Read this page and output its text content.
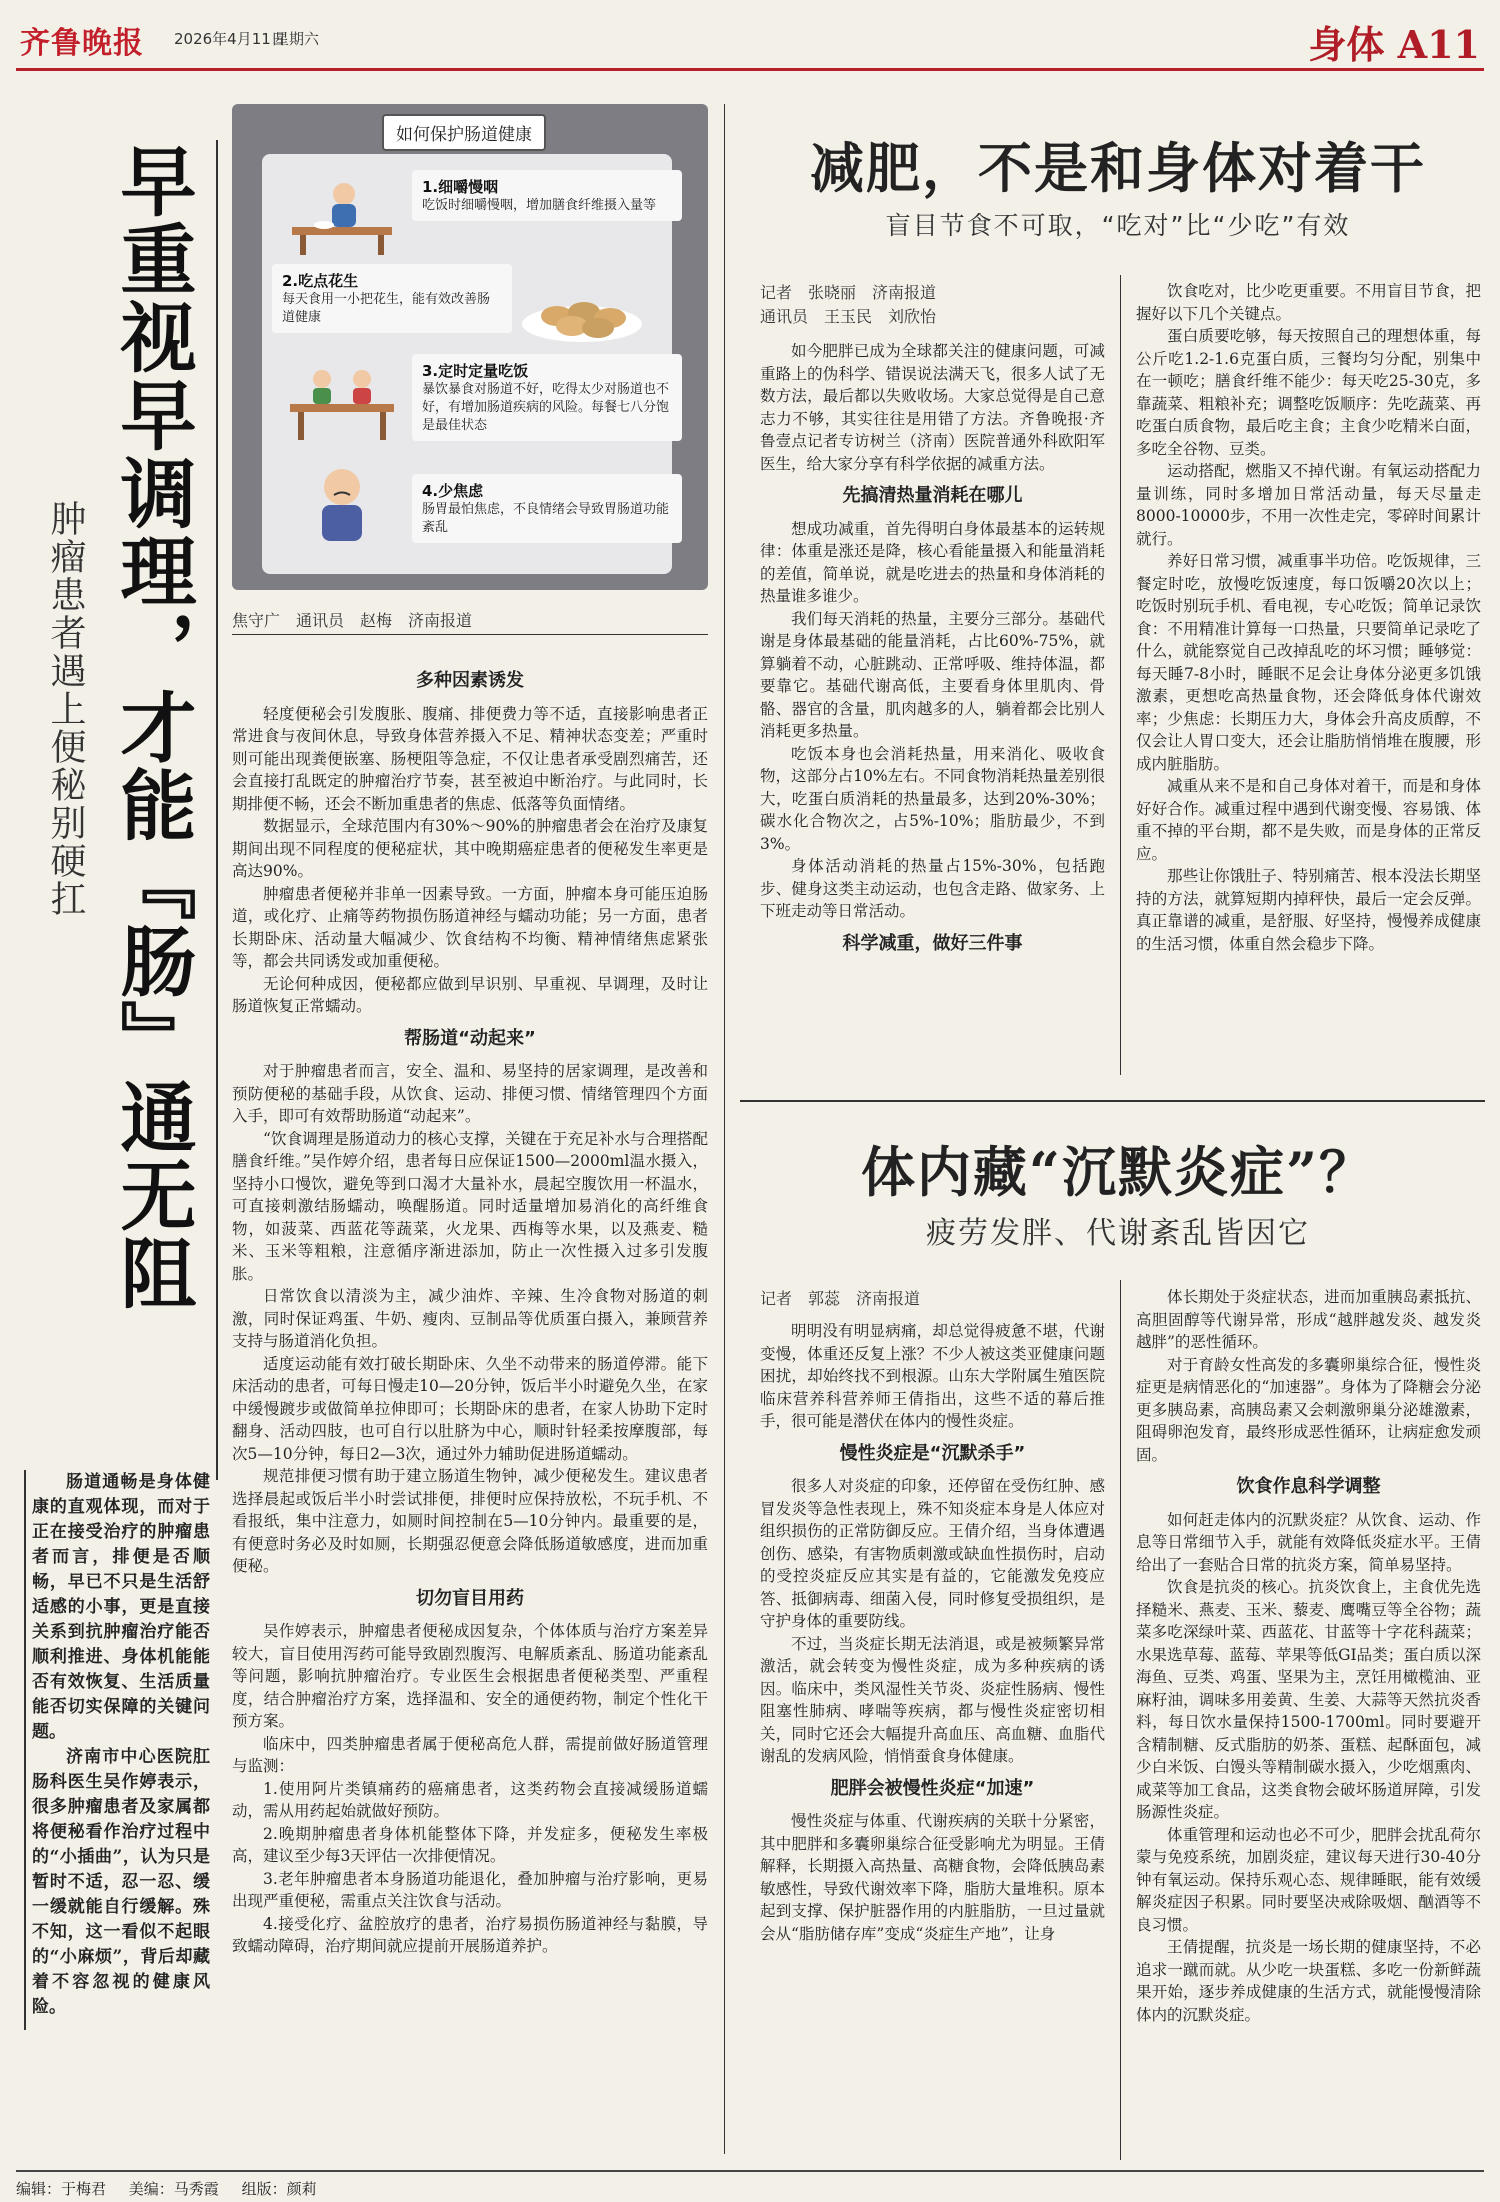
齐鲁晚报 2026年4月11日
星期六	身体 A11
早重视早调理，才能『肠』通无阻
肿瘤患者遇上便秘别硬扛

肠道通畅是身体健康的直观体现，而对于正在接受治疗的肿瘤患者而言，排便是否顺畅，早已不只是生活舒适感的小事，更是直接关系到抗肿瘤治疗能否顺利推进、身体机能能否有效恢复、生活质量能否切实保障的关键问题。

济南市中心医院肛肠科医生吴作婷表示，很多肿瘤患者及家属都将便秘看作治疗过程中的“小插曲”，认为只是暂时不适，忍一忍、缓一缓就能自行缓解。殊不知，这一看似不起眼的“小麻烦”，背后却藏着不容忽视的健康风险。

如何保护肠道健康
1.细嚼慢咽
吃饭时细嚼慢咽，增加膳食纤维摄入量等
2.吃点花生
每天食用一小把花生，能有效改善肠道健康
3.定时定量吃饭
暴饮暴食对肠道不好，吃得太少对肠道也不好，有增加肠道疾病的风险。每餐七八分饱是最佳状态
4.少焦虑
肠胃最怕焦虑，不良情绪会导致胃肠道功能紊乱
焦守广　通讯员　赵梅　济南报道
多种因素诱发

轻度便秘会引发腹胀、腹痛、排便费力等不适，直接影响患者正常进食与夜间休息，导致身体营养摄入不足、精神状态变差；严重时则可能出现粪便嵌塞、肠梗阻等急症，不仅让患者承受剧烈痛苦，还会直接打乱既定的肿瘤治疗节奏，甚至被迫中断治疗。与此同时，长期排便不畅，还会不断加重患者的焦虑、低落等负面情绪。

数据显示，全球范围内有30%～90%的肿瘤患者会在治疗及康复期间出现不同程度的便秘症状，其中晚期癌症患者的便秘发生率更是高达90%。

肿瘤患者便秘并非单一因素导致。一方面，肿瘤本身可能压迫肠道，或化疗、止痛等药物损伤肠道神经与蠕动功能；另一方面，患者长期卧床、活动量大幅减少、饮食结构不均衡、精神情绪焦虑紧张等，都会共同诱发或加重便秘。

无论何种成因，便秘都应做到早识别、早重视、早调理，及时让肠道恢复正常蠕动。

帮肠道“动起来”

对于肿瘤患者而言，安全、温和、易坚持的居家调理，是改善和预防便秘的基础手段，从饮食、运动、排便习惯、情绪管理四个方面入手，即可有效帮助肠道“动起来”。

“饮食调理是肠道动力的核心支撑，关键在于充足补水与合理搭配膳食纤维。”吴作婷介绍，患者每日应保证1500—2000ml温水摄入，坚持小口慢饮，避免等到口渴才大量补水，晨起空腹饮用一杯温水，可直接刺激结肠蠕动，唤醒肠道。同时适量增加易消化的高纤维食物，如菠菜、西蓝花等蔬菜，火龙果、西梅等水果，以及燕麦、糙米、玉米等粗粮，注意循序渐进添加，防止一次性摄入过多引发腹胀。

日常饮食以清淡为主，减少油炸、辛辣、生冷食物对肠道的刺激，同时保证鸡蛋、牛奶、瘦肉、豆制品等优质蛋白摄入，兼顾营养支持与肠道消化负担。

适度运动能有效打破长期卧床、久坐不动带来的肠道停滞。能下床活动的患者，可每日慢走10—20分钟，饭后半小时避免久坐，在家中缓慢踱步或做简单拉伸即可；长期卧床的患者，在家人协助下定时翻身、活动四肢，也可自行以肚脐为中心，顺时针轻柔按摩腹部，每次5—10分钟，每日2—3次，通过外力辅助促进肠道蠕动。

规范排便习惯有助于建立肠道生物钟，减少便秘发生。建议患者选择晨起或饭后半小时尝试排便，排便时应保持放松，不玩手机、不看报纸，集中注意力，如厕时间控制在5—10分钟内。最重要的是，有便意时务必及时如厕，长期强忍便意会降低肠道敏感度，进而加重便秘。

切勿盲目用药

吴作婷表示，肿瘤患者便秘成因复杂，个体体质与治疗方案差异较大，盲目使用泻药可能导致剧烈腹泻、电解质紊乱、肠道功能紊乱等问题，影响抗肿瘤治疗。专业医生会根据患者便秘类型、严重程度，结合肿瘤治疗方案，选择温和、安全的通便药物，制定个性化干预方案。

临床中，四类肿瘤患者属于便秘高危人群，需提前做好肠道管理与监测：

1.使用阿片类镇痛药的癌痛患者，这类药物会直接减缓肠道蠕动，需从用药起始就做好预防。

2.晚期肿瘤患者身体机能整体下降，并发症多，便秘发生率极高，建议至少每3天评估一次排便情况。

3.老年肿瘤患者本身肠道功能退化，叠加肿瘤与治疗影响，更易出现严重便秘，需重点关注饮食与活动。

4.接受化疗、盆腔放疗的患者，治疗易损伤肠道神经与黏膜，导致蠕动障碍，治疗期间就应提前开展肠道养护。

减肥，不是和身体对着干
盲目节食不可取，“吃对”比“少吃”有效
记者　张晓丽　济南报道
通讯员　王玉民　刘欣怡

如今肥胖已成为全球都关注的健康问题，可减重路上的伪科学、错误说法满天飞，很多人试了无数方法，最后都以失败收场。大家总觉得是自己意志力不够，其实往往是用错了方法。齐鲁晚报·齐鲁壹点记者专访树兰（济南）医院普通外科欧阳军医生，给大家分享有科学依据的减重方法。

先搞清热量消耗在哪儿

想成功减重，首先得明白身体最基本的运转规律：体重是涨还是降，核心看能量摄入和能量消耗的差值，简单说，就是吃进去的热量和身体消耗的热量谁多谁少。

我们每天消耗的热量，主要分三部分。基础代谢是身体最基础的能量消耗，占比60%-75%，就算躺着不动，心脏跳动、正常呼吸、维持体温，都要靠它。基础代谢高低，主要看身体里肌肉、骨骼、器官的含量，肌肉越多的人，躺着都会比别人消耗更多热量。

吃饭本身也会消耗热量，用来消化、吸收食物，这部分占10%左右。不同食物消耗热量差别很大，吃蛋白质消耗的热量最多，达到20%-30%；碳水化合物次之，占5%-10%；脂肪最少，不到3%。

身体活动消耗的热量占15%-30%，包括跑步、健身这类主动运动，也包含走路、做家务、上下班走动等日常活动。

科学减重，做好三件事

饮食吃对，比少吃更重要。不用盲目节食，把握好以下几个关键点。

蛋白质要吃够，每天按照自己的理想体重，每公斤吃1.2-1.6克蛋白质，三餐均匀分配，别集中在一顿吃；膳食纤维不能少：每天吃25-30克，多靠蔬菜、粗粮补充；调整吃饭顺序：先吃蔬菜、再吃蛋白质食物，最后吃主食；主食少吃精米白面，多吃全谷物、豆类。

运动搭配，燃脂又不掉代谢。有氧运动搭配力量训练，同时多增加日常活动量，每天尽量走8000-10000步，不用一次性走完，零碎时间累计就行。

养好日常习惯，减重事半功倍。吃饭规律，三餐定时吃，放慢吃饭速度，每口饭嚼20次以上；吃饭时别玩手机、看电视，专心吃饭；简单记录饮食：不用精准计算每一口热量，只要简单记录吃了什么，就能察觉自己改掉乱吃的坏习惯；睡够觉：每天睡7-8小时，睡眠不足会让身体分泌更多饥饿激素，更想吃高热量食物，还会降低身体代谢效率；少焦虑：长期压力大，身体会升高皮质醇，不仅会让人胃口变大，还会让脂肪悄悄堆在腹腰，形成内脏脂肪。

减重从来不是和自己身体对着干，而是和身体好好合作。减重过程中遇到代谢变慢、容易饿、体重不掉的平台期，都不是失败，而是身体的正常反应。

那些让你饿肚子、特别痛苦、根本没法长期坚持的方法，就算短期内掉秤快，最后一定会反弹。真正靠谱的减重，是舒服、好坚持，慢慢养成健康的生活习惯，体重自然会稳步下降。

体内藏“沉默炎症”？
疲劳发胖、代谢紊乱皆因它
记者　郭蕊　济南报道

明明没有明显病痛，却总觉得疲惫不堪，代谢变慢，体重还反复上涨？不少人被这类亚健康问题困扰，却始终找不到根源。山东大学附属生殖医院临床营养科营养师王倩指出，这些不适的幕后推手，很可能是潜伏在体内的慢性炎症。

慢性炎症是“沉默杀手”

很多人对炎症的印象，还停留在受伤红肿、感冒发炎等急性表现上，殊不知炎症本身是人体应对组织损伤的正常防御反应。王倩介绍，当身体遭遇创伤、感染，有害物质刺激或缺血性损伤时，启动的受控炎症反应其实是有益的，它能激发免疫应答、抵御病毒、细菌入侵，同时修复受损组织，是守护身体的重要防线。

不过，当炎症长期无法消退，或是被频繁异常激活，就会转变为慢性炎症，成为多种疾病的诱因。临床中，类风湿性关节炎、炎症性肠病、慢性阻塞性肺病、哮喘等疾病，都与慢性炎症密切相关，同时它还会大幅提升高血压、高血糖、血脂代谢乱的发病风险，悄悄蚕食身体健康。

肥胖会被慢性炎症“加速”

慢性炎症与体重、代谢疾病的关联十分紧密，其中肥胖和多囊卵巢综合征受影响尤为明显。王倩解释，长期摄入高热量、高糖食物，会降低胰岛素敏感性，导致代谢效率下降，脂肪大量堆积。原本起到支撑、保护脏器作用的内脏脂肪，一旦过量就会从“脂肪储存库”变成“炎症生产地”，让身

体长期处于炎症状态，进而加重胰岛素抵抗、高胆固醇等代谢异常，形成“越胖越发炎、越发炎越胖”的恶性循环。

对于育龄女性高发的多囊卵巢综合征，慢性炎症更是病情恶化的“加速器”。身体为了降糖会分泌更多胰岛素，高胰岛素又会刺激卵巢分泌雄激素，阻碍卵泡发育，最终形成恶性循环，让病症愈发顽固。

饮食作息科学调整

如何赶走体内的沉默炎症？从饮食、运动、作息等日常细节入手，就能有效降低炎症水平。王倩给出了一套贴合日常的抗炎方案，简单易坚持。

饮食是抗炎的核心。抗炎饮食上，主食优先选择糙米、燕麦、玉米、藜麦、鹰嘴豆等全谷物；蔬菜多吃深绿叶菜、西蓝花、甘蓝等十字花科蔬菜；水果选草莓、蓝莓、苹果等低GI品类；蛋白质以深海鱼、豆类、鸡蛋、坚果为主，烹饪用橄榄油、亚麻籽油，调味多用姜黄、生姜、大蒜等天然抗炎香料，每日饮水量保持1500-1700ml。同时要避开含精制糖、反式脂肪的奶茶、蛋糕、起酥面包，减少白米饭、白馒头等精制碳水摄入，少吃烟熏肉、咸菜等加工食品，这类食物会破坏肠道屏障，引发肠源性炎症。

体重管理和运动也必不可少，肥胖会扰乱荷尔蒙与免疫系统，加剧炎症，建议每天进行30-40分钟有氧运动。保持乐观心态、规律睡眠，能有效缓解炎症因子积累。同时要坚决戒除吸烟、酗酒等不良习惯。

王倩提醒，抗炎是一场长期的健康坚持，不必追求一蹴而就。从少吃一块蛋糕、多吃一份新鲜蔬果开始，逐步养成健康的生活方式，就能慢慢清除体内的沉默炎症。

编辑：于梅君 美编：马秀霞 组版：颜莉
